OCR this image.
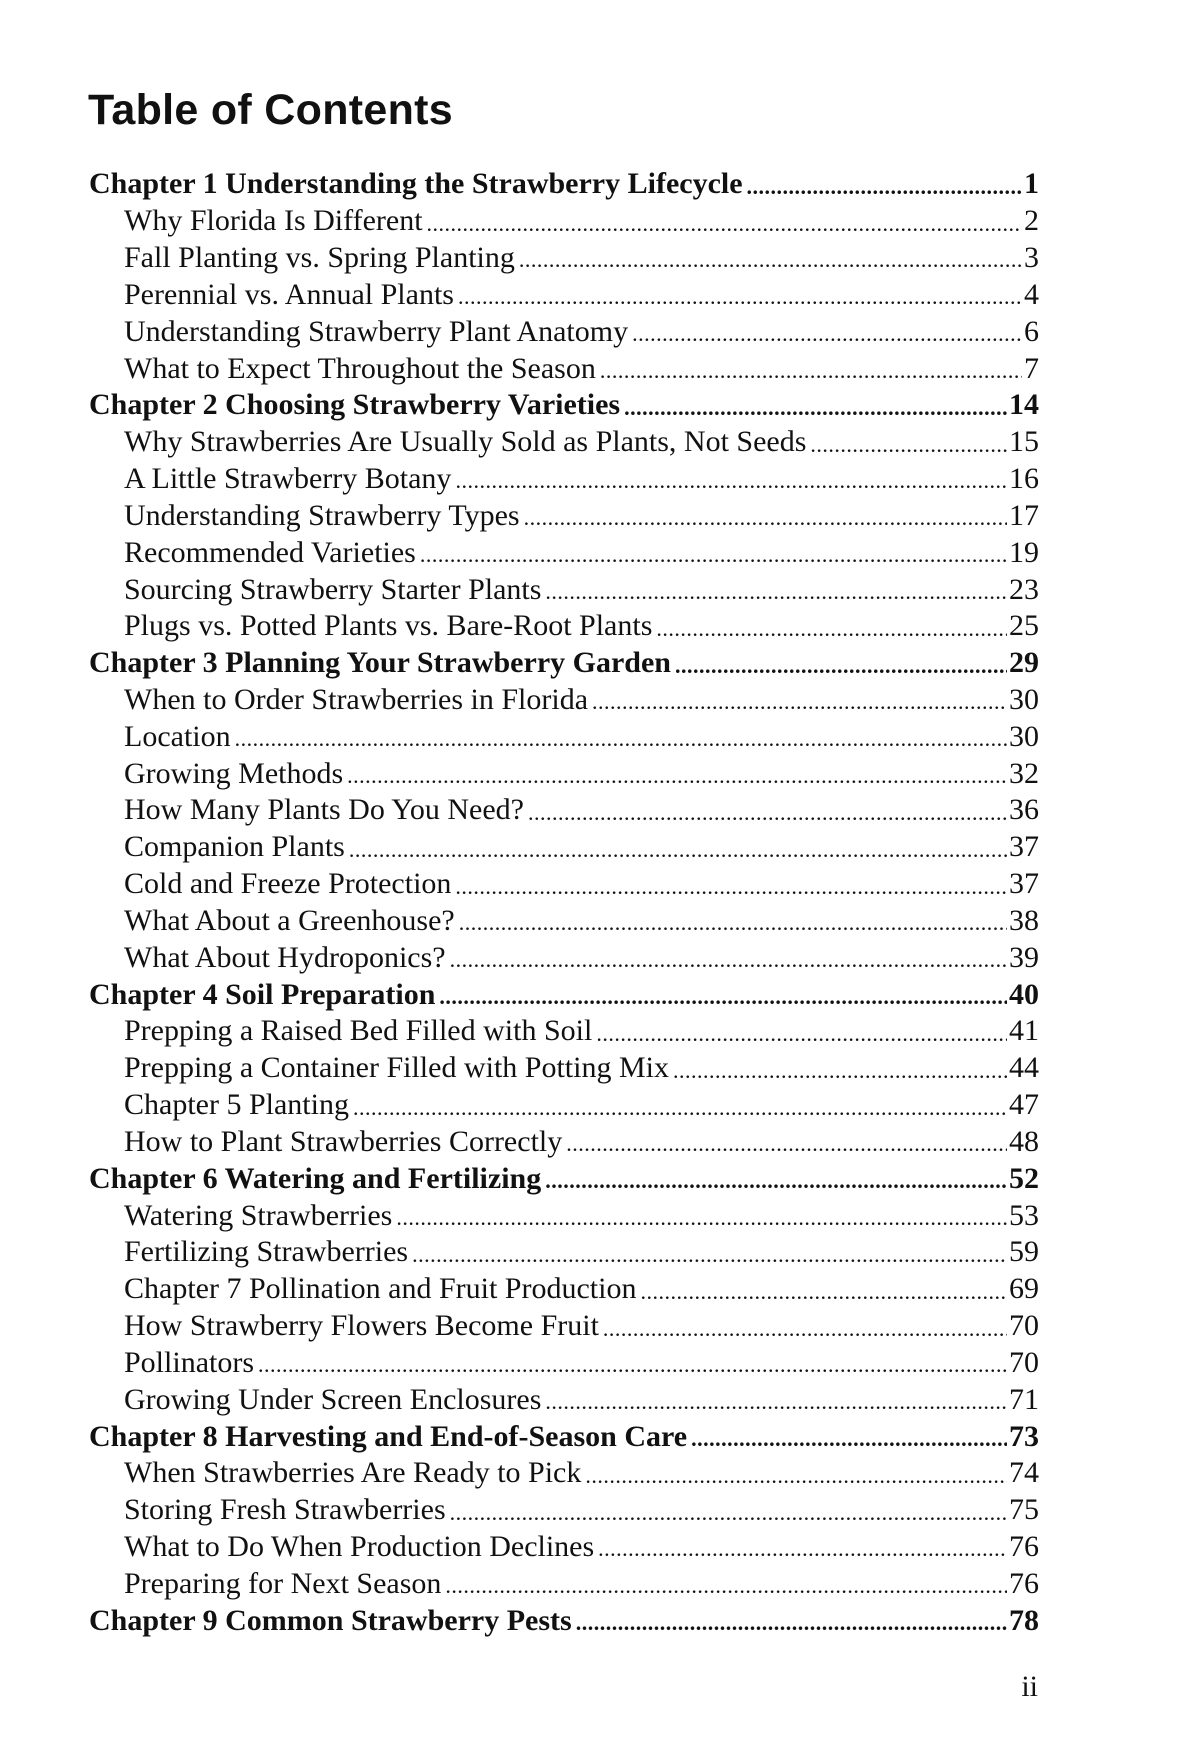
Table of Contents
Chapter 1 Understanding the Strawberry Lifecycle .....	1
Why Florida Is Different .....	2
Fall Planting vs. Spring Planting .....	3
Perennial vs. Annual Plants .....	4
Understanding Strawberry Plant Anatomy .....	6
What to Expect Throughout the Season .....	7
Chapter 2 Choosing Strawberry Varieties .....	14
Why Strawberries Are Usually Sold as Plants, Not Seeds .....	15
A Little Strawberry Botany .....	16
Understanding Strawberry Types .....	17
Recommended Varieties .....	19
Sourcing Strawberry Starter Plants .....	23
Plugs vs. Potted Plants vs. Bare-Root Plants .....	25
Chapter 3 Planning Your Strawberry Garden .....	29
When to Order Strawberries in Florida .....	30
Location .....	30
Growing Methods .....	32
How Many Plants Do You Need? .....	36
Companion Plants .....	37
Cold and Freeze Protection .....	37
What About a Greenhouse? .....	38
What About Hydroponics? .....	39
Chapter 4 Soil Preparation .....	40
Prepping a Raised Bed Filled with Soil .....	41
Prepping a Container Filled with Potting Mix .....	44
Chapter 5 Planting .....	47
How to Plant Strawberries Correctly .....	48
Chapter 6 Watering and Fertilizing .....	52
Watering Strawberries .....	53
Fertilizing Strawberries .....	59
Chapter 7 Pollination and Fruit Production .....	69
How Strawberry Flowers Become Fruit .....	70
Pollinators .....	70
Growing Under Screen Enclosures .....	71
Chapter 8 Harvesting and End-of-Season Care .....	73
When Strawberries Are Ready to Pick .....	74
Storing Fresh Strawberries .....	75
What to Do When Production Declines .....	76
Preparing for Next Season .....	76
Chapter 9 Common Strawberry Pests .....	78
ii
